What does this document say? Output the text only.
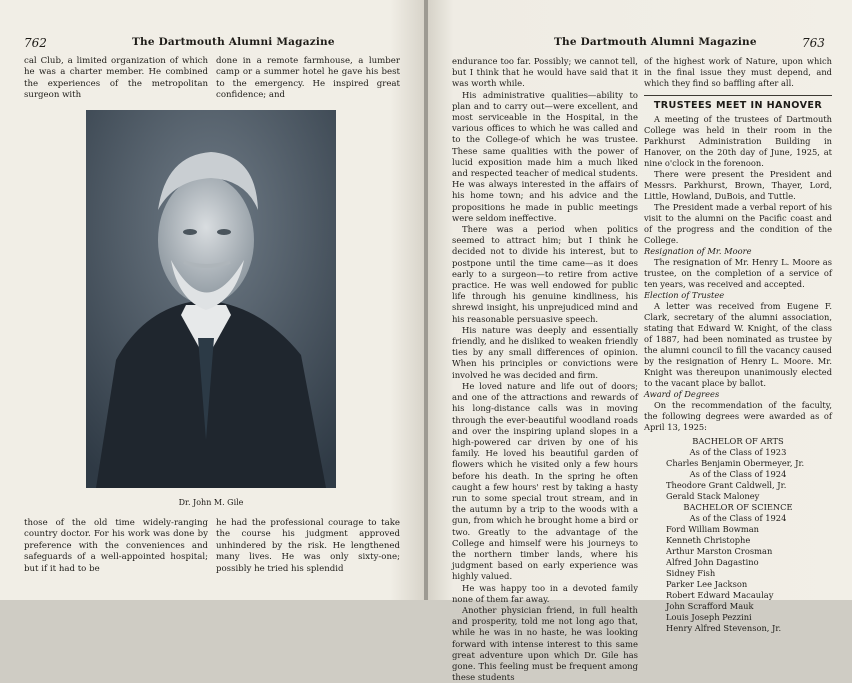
762	The Dartmouth Alumni Magazine

cal Club, a limited organization of which he was a charter member. He combined the experiences of the metropolitan surgeon with

done in a remote farmhouse, a lumber camp or a summer hotel he gave his best to the emergency. He inspired great confidence; and

Dr. John M. Gile

those of the old time widely-ranging country doctor. For his work was done by preference with the conveniences and safeguards of a well-appointed hospital; but if it had to be

he had the professional courage to take the course his judgment approved unhindered by the risk. He lengthened many lives. He was only sixty-one; possibly he tried his splendid

The Dartmouth Alumni Magazine	763

endurance too far. Possibly; we cannot tell, but I think that he would have said that it was worth while.

His administrative qualities—ability to plan and to carry out—were excellent, and most serviceable in the Hospital, in the various offices to which he was called and to the College-of which he was trustee. These same qualities with the power of lucid exposition made him a much liked and respected teacher of medical students. He was always interested in the affairs of his home town; and his advice and the propositions he made in public meetings were seldom ineffective.

There was a period when politics seemed to attract him; but I think he decided not to divide his interest, but to postpone until the time came—as it does early to a surgeon—to retire from active practice. He was well endowed for public life through his genuine kindliness, his shrewd insight, his unprejudiced mind and his reasonable persuasive speech.

His nature was deeply and essentially friendly, and he disliked to weaken friendly ties by any small differences of opinion. When his principles or convictions were involved he was decided and firm.

He loved nature and life out of doors; and one of the attractions and rewards of his long-distance calls was in moving through the ever-beautiful woodland roads and over the inspiring upland slopes in a high-powered car driven by one of his family. He loved his beautiful garden of flowers which he visited only a few hours before his death. In the spring he often caught a few hours' rest by taking a hasty run to some special trout stream, and in the autumn by a trip to the woods with a gun, from which he brought home a bird or two. Greatly to the advantage of the College and himself were his journeys to the northern timber lands, where his judgment based on early experience was highly valued.

He was happy too in a devoted family none of them far away.

Another physician friend, in full health and prosperity, told me not long ago that, while he was in no haste, he was looking forward with intense interest to this same great adventure upon which Dr. Gile has gone. This feeling must be frequent among these students

of the highest work of Nature, upon which in the final issue they must depend, and which they find so baffling after all.

TRUSTEES MEET IN HANOVER

A meeting of the trustees of Dartmouth College was held in their room in the Parkhurst Administration Building in Hanover, on the 20th day of June, 1925, at nine o'clock in the forenoon.

There were present the President and Messrs. Parkhurst, Brown, Thayer, Lord, Little, Howland, DuBois, and Tuttle.

The President made a verbal report of his visit to the alumni on the Pacific coast and of the progress and the condition of the College.

Resignation of Mr. Moore

The resignation of Mr. Henry L. Moore as trustee, on the completion of a service of ten years, was received and accepted.

Election of Trustee

A letter was received from Eugene F. Clark, secretary of the alumni association, stating that Edward W. Knight, of the class of 1887, had been nominated as trustee by the alumni council to fill the vacancy caused by the resignation of Henry L. Moore. Mr. Knight was thereupon unanimously elected to the vacant place by ballot.

Award of Degrees

On the recommendation of the faculty, the following degrees were awarded as of April 13, 1925:

BACHELOR OF ARTS

As of the Class of 1923

Charles Benjamin Obermeyer, Jr.

As of the Class of 1924

Theodore Grant Caldwell, Jr.
Gerald Stack Maloney

BACHELOR OF SCIENCE

As of the Class of 1924

Ford William Bowman
Kenneth Christophe
Arthur Marston Crosman
Alfred John Dagastino
Sidney Fish
Parker Lee Jackson
Robert Edward Macaulay
John Scrafford Mauk
Louis Joseph Pezzini
Henry Alfred Stevenson, Jr.
